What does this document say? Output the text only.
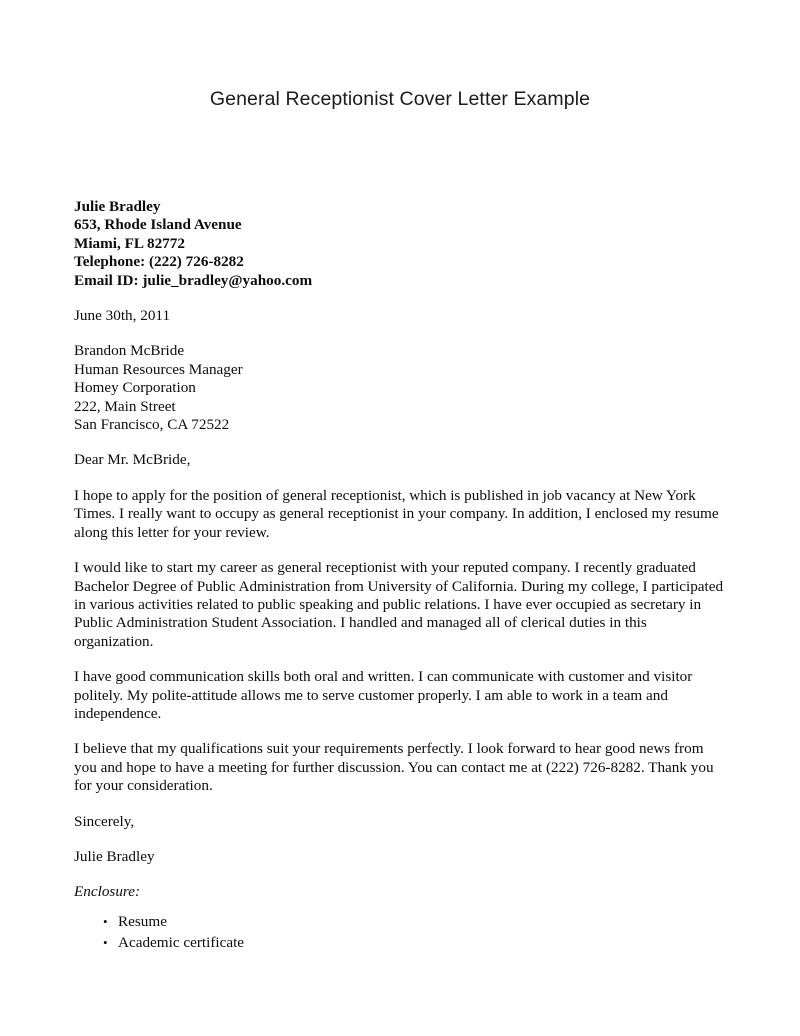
General Receptionist Cover Letter Example
Julie Bradley
653, Rhode Island Avenue
Miami, FL 82772
Telephone: (222) 726-8282
Email ID: julie_bradley@yahoo.com
June 30th, 2011
Brandon McBride
Human Resources Manager
Homey Corporation
222, Main Street
San Francisco, CA 72522
Dear Mr. McBride,

I hope to apply for the position of general receptionist, which is published in job vacancy at New York Times. I really want to occupy as general receptionist in your company. In addition, I enclosed my resume along this letter for your review.

I would like to start my career as general receptionist with your reputed company. I recently graduated Bachelor Degree of Public Administration from University of California. During my college, I participated in various activities related to public speaking and public relations. I have ever occupied as secretary in Public Administration Student Association. I handled and managed all of clerical duties in this organization.

I have good communication skills both oral and written. I can communicate with customer and visitor politely. My polite-attitude allows me to serve customer properly. I am able to work in a team and independence.

I believe that my qualifications suit your requirements perfectly. I look forward to hear good news from you and hope to have a meeting for further discussion. You can contact me at (222) 726-8282. Thank you for your consideration.

Sincerely,
Julie Bradley
Enclosure:
• Resume
• Academic certificate
